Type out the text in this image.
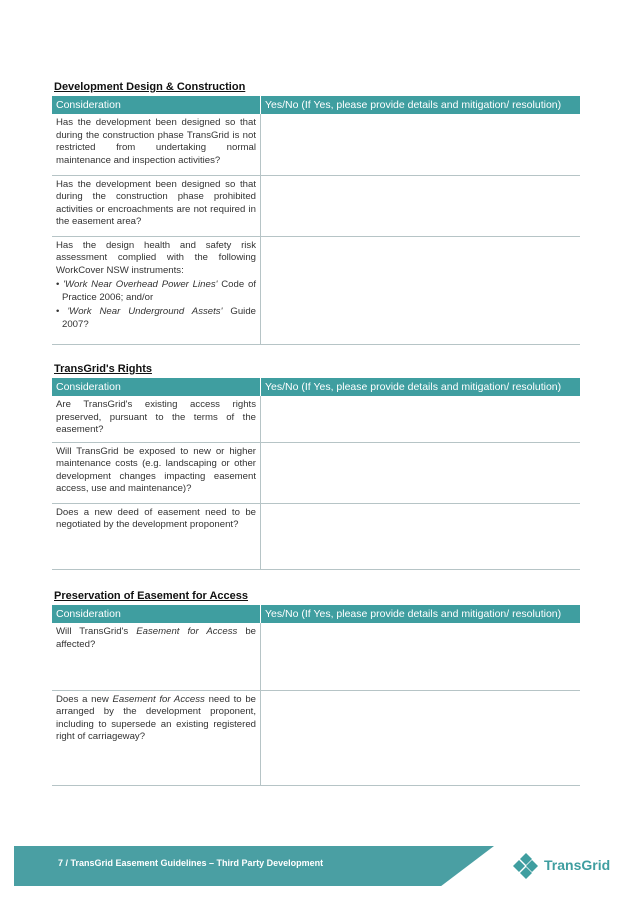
Development Design & Construction
Consideration	Yes/No (If Yes, please provide details and mitigation/ resolution)
Has the development been designed so that during the construction phase TransGrid is not restricted from undertaking normal maintenance and inspection activities?	
Has the development been designed so that during the construction phase prohibited activities or encroachments are not required in the easement area?	
Has the design health and safety risk assessment complied with the following WorkCover NSW instruments:
• 'Work Near Overhead Power Lines' Code of Practice 2006; and/or
• 'Work Near Underground Assets' Guide 2007?

TransGrid's Rights
Consideration	Yes/No (If Yes, please provide details and mitigation/ resolution)
Are TransGrid's existing access rights preserved, pursuant to the terms of the easement?	
Will TransGrid be exposed to new or higher maintenance costs (e.g. landscaping or other development changes impacting easement access, use and maintenance)?	
Does a new deed of easement need to be negotiated by the development proponent?	
Preservation of Easement for Access
Consideration	Yes/No (If Yes, please provide details and mitigation/ resolution)
Will TransGrid's Easement for Access be affected?	
Does a new Easement for Access need to be arranged by the development proponent, including to supersede an existing registered right of carriageway?	
7 / TransGrid Easement Guidelines – Third Party Development	TransGrid
